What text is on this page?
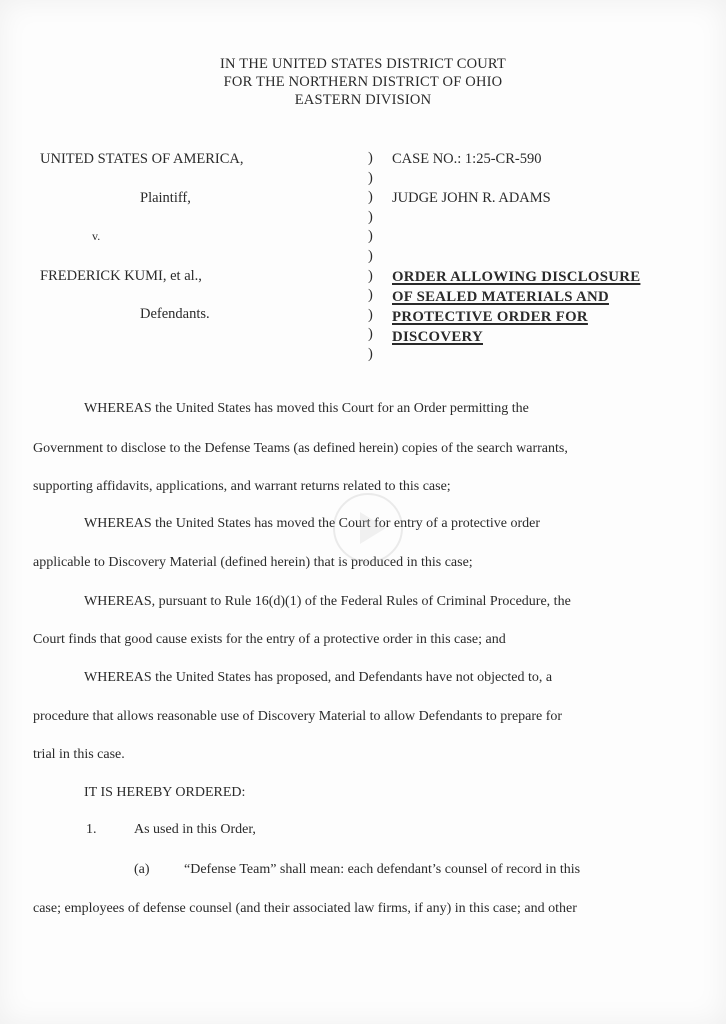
IN THE UNITED STATES DISTRICT COURT
FOR THE NORTHERN DISTRICT OF OHIO
EASTERN DIVISION
UNITED STATES OF AMERICA,
Plaintiff,
v.
FREDERICK KUMI, et al.,
Defendants.
)
)
)
)
)
)
)
)
)
)
)
CASE NO.: 1:25-CR-590
JUDGE JOHN R. ADAMS
ORDER ALLOWING DISCLOSURE
OF SEALED MATERIALS AND
PROTECTIVE ORDER FOR
DISCOVERY
WHEREAS the United States has moved this Court for an Order permitting the
Government to disclose to the Defense Teams (as defined herein) copies of the search warrants,
supporting affidavits, applications, and warrant returns related to this case;
WHEREAS the United States has moved the Court for entry of a protective order
applicable to Discovery Material (defined herein) that is produced in this case;
WHEREAS, pursuant to Rule 16(d)(1) of the Federal Rules of Criminal Procedure, the
Court finds that good cause exists for the entry of a protective order in this case; and
WHEREAS the United States has proposed, and Defendants have not objected to, a
procedure that allows reasonable use of Discovery Material to allow Defendants to prepare for
trial in this case.
IT IS HEREBY ORDERED:
1.	As used in this Order,
(a) “Defense Team” shall mean: each defendant’s counsel of record in this
case; employees of defense counsel (and their associated law firms, if any) in this case; and other
